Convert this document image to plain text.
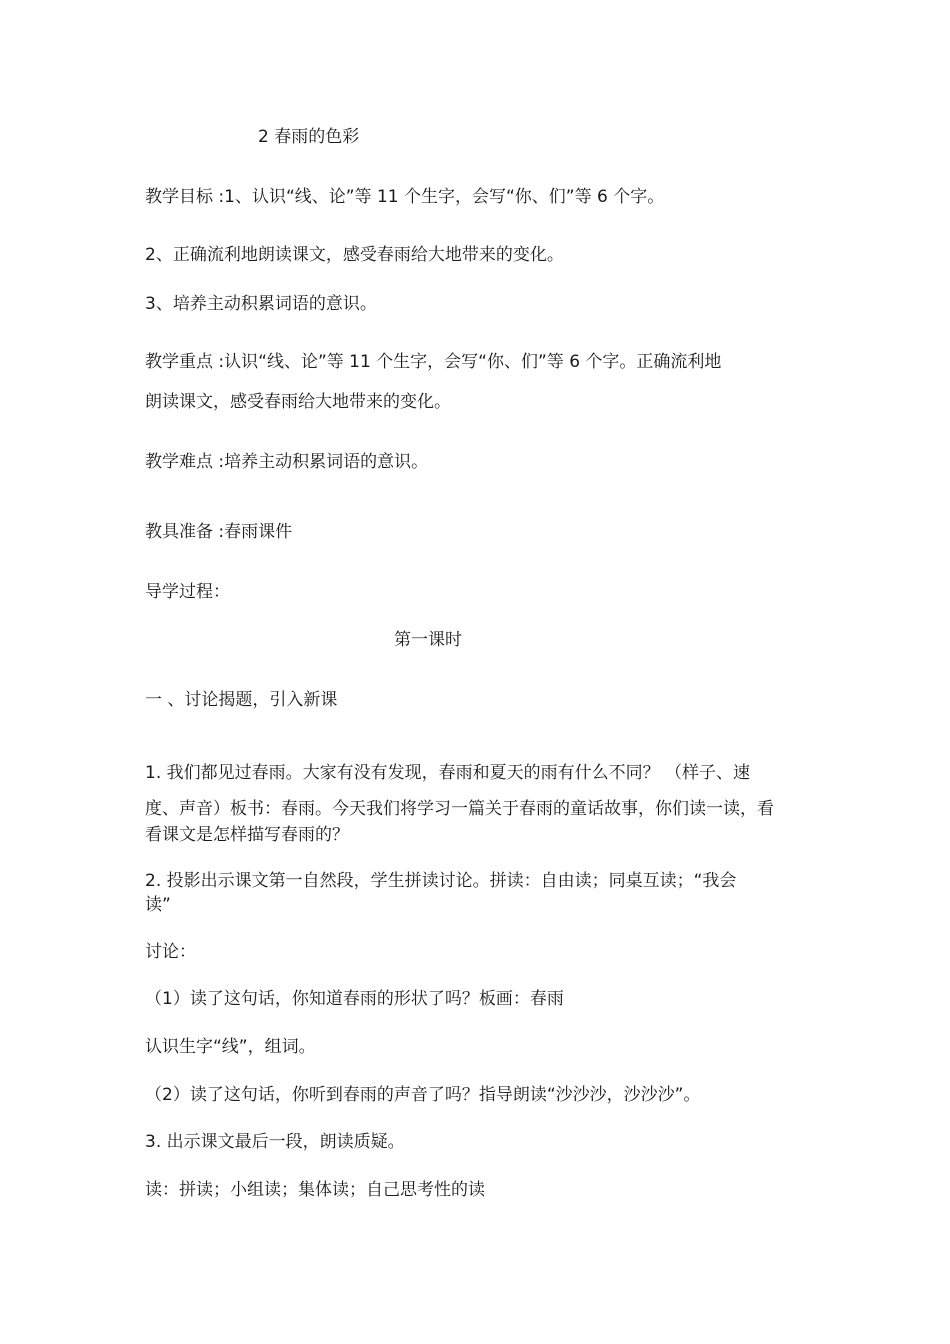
2 春雨的色彩
教学目标 :1、认识“线、论”等 11 个生字，会写“你、们”等 6 个字。
2、正确流利地朗读课文，感受春雨给大地带来的变化。
3、培养主动积累词语的意识。
教学重点 :认识“线、论”等 11 个生字，会写“你、们”等 6 个字。正确流利地
朗读课文，感受春雨给大地带来的变化。
教学难点 :培养主动积累词语的意识。
教具准备 :春雨课件
导学过程：
第一课时
一 、讨论揭题，引入新课
1. 我们都见过春雨。大家有没有发现，春雨和夏天的雨有什么不同？ （样子、速
度、声音）板书：春雨。今天我们将学习一篇关于春雨的童话故事，你们读一读，看
看课文是怎样描写春雨的？
2. 投影出示课文第一自然段，学生拼读讨论。拼读：自由读；同桌互读；“我会
读”
讨论：
（1）读了这句话，你知道春雨的形状了吗？板画：春雨
认识生字“线”，组词。
（2）读了这句话，你听到春雨的声音了吗？指导朗读“沙沙沙，沙沙沙”。
3. 出示课文最后一段，朗读质疑。
读：拼读；小组读；集体读；自己思考性的读
